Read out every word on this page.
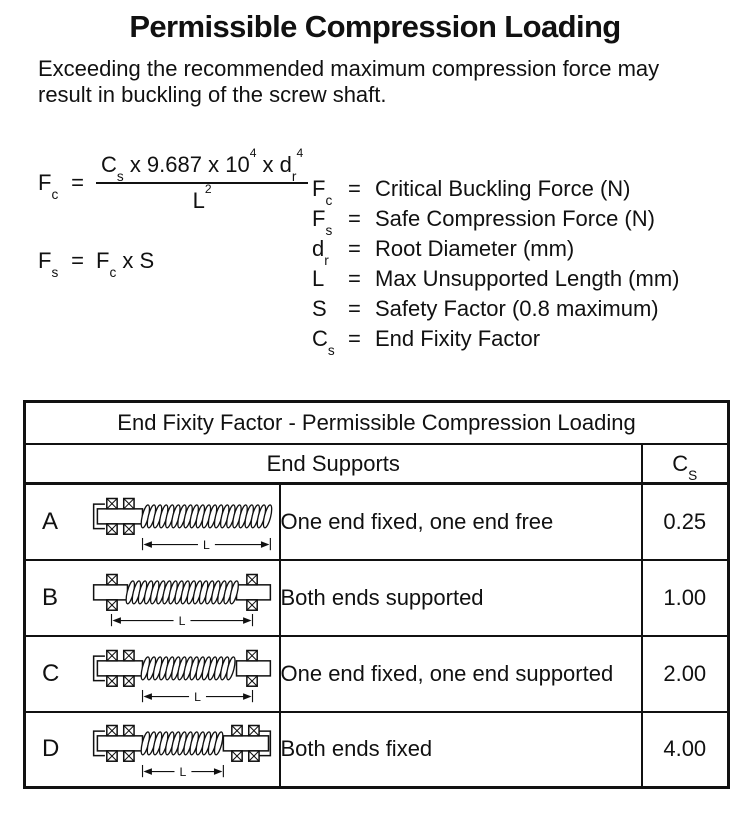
Permissible Compression Loading

Exceeding the recommended maximum compression force may
result in buckling of the screw shaft.

$F_c = \frac{C_s x 9.687 x 10^4 x d_r^4}{L^2}$
$F_s = F_c$ x S
$F_c$ = Critical Buckling Force (N)
$F_s$ = Safe Compression Force (N)
$d_r$ = Root Diameter (mm)
L	= Max Unsupported Length (mm)
S = Safety Factor (0.8 maximum)
$C_s$ = End Fixity Factor
End Fixity Factor - Permissible Compression Loading		
End Supports		$C_S$

A
L	One end fixed, one end free	0.25

B
L	Both ends supported	1.00

C
L	One end fixed, one end supported	2.00

D
L	Both ends fixed	4.00
